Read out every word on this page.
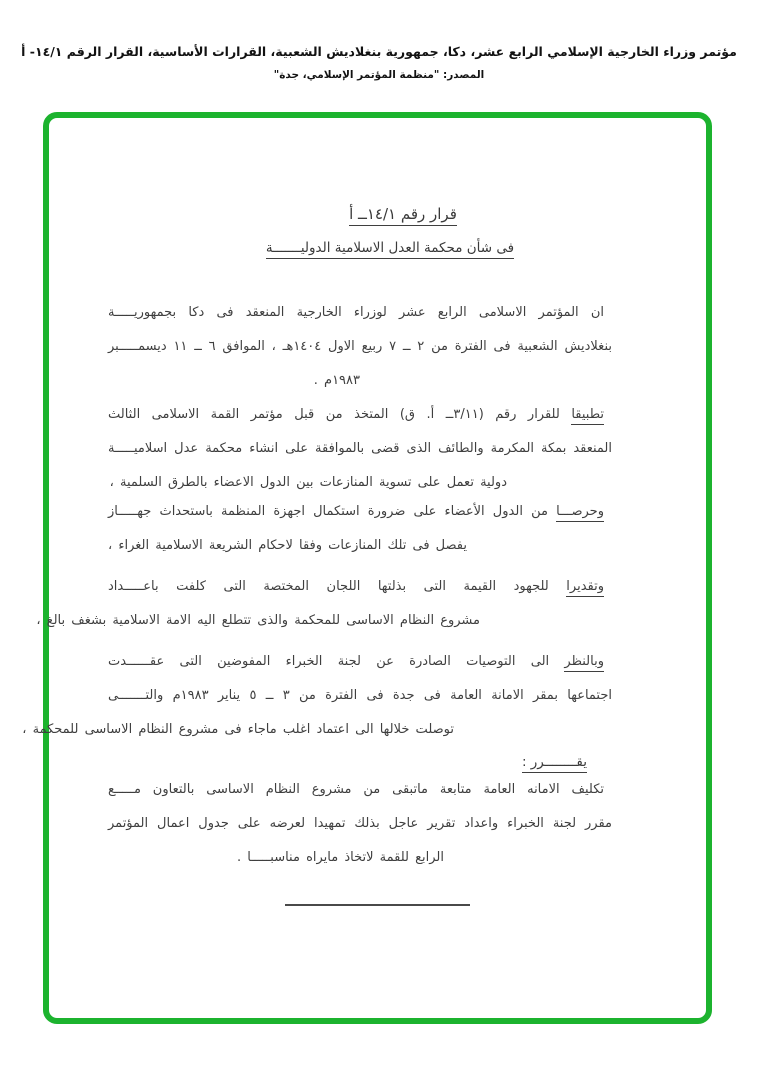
مؤتمر وزراء الخارجية الإسلامي الرابع عشر، دكا، جمهورية بنغلاديش الشعبية، القرارات الأساسية، القرار الرقم ١٤/١- أ
المصدر: "منظمة المؤتمر الإسلامي، جدة"
قرار رقم ١٤/١ــ أ
فى شأن محكمة العدل الاسلامية الدوليـــــــة
ان المؤتمر الاسلامى الرابع عشر لوزراء الخارجية المنعقد فى دكا بجمهوريـــــة
بنغلاديش الشعبية فى الفترة من ٢ ــ ٧ ربيع الاول ١٤٠٤هـ ، الموافق ٦ ــ ١١ ديسمـــــبر
١٩٨٣م .
تطبيقا للقرار رقم (٣/١١ــ أ. ق) المتخذ من قبل مؤتمر القمة الاسلامى الثالث
المنعقد بمكة المكرمة والطائف الذى قضى بالموافقة على انشاء محكمة عدل اسلاميـــــة
دولية تعمل على تسوية المنازعات بين الدول الاعضاء بالطرق السلمية ،
وحرصـــا من الدول الأعضاء على ضرورة استكمال اجهزة المنظمة باستحداث جهـــــاز
يفصل فى تلك المنازعات وفقا لاحكام الشريعة الاسلامية الغراء ،
وتقديرا للجهود القيمة التى بذلتها اللجان المختصة التى كلفت باعـــــداد
مشروع النظام الاساسى للمحكمة والذى تتطلع اليه الامة الاسلامية بشغف بالغ ،
وبالنظر الى التوصيات الصادرة عن لجنة الخبراء المفوضين التى عقــــــدت
اجتماعها بمقر الامانة العامة فى جدة فى الفترة من ٣ ــ ٥ يناير ١٩٨٣م والتـــــــى
توصلت خلالها الى اعتماد اغلب ماجاء فى مشروع النظام الاساسى للمحكمة ،
يقــــــــرر :
تكليف الامانه العامة متابعة ماتبقى من مشروع النظام الاساسى بالتعاون مـــــع
مقرر لجنة الخبراء واعداد تقرير عاجل بذلك تمهيدا لعرضه على جدول اعمال المؤتمر
الرابع للقمة لاتخاذ مايراه مناسبـــــا .
